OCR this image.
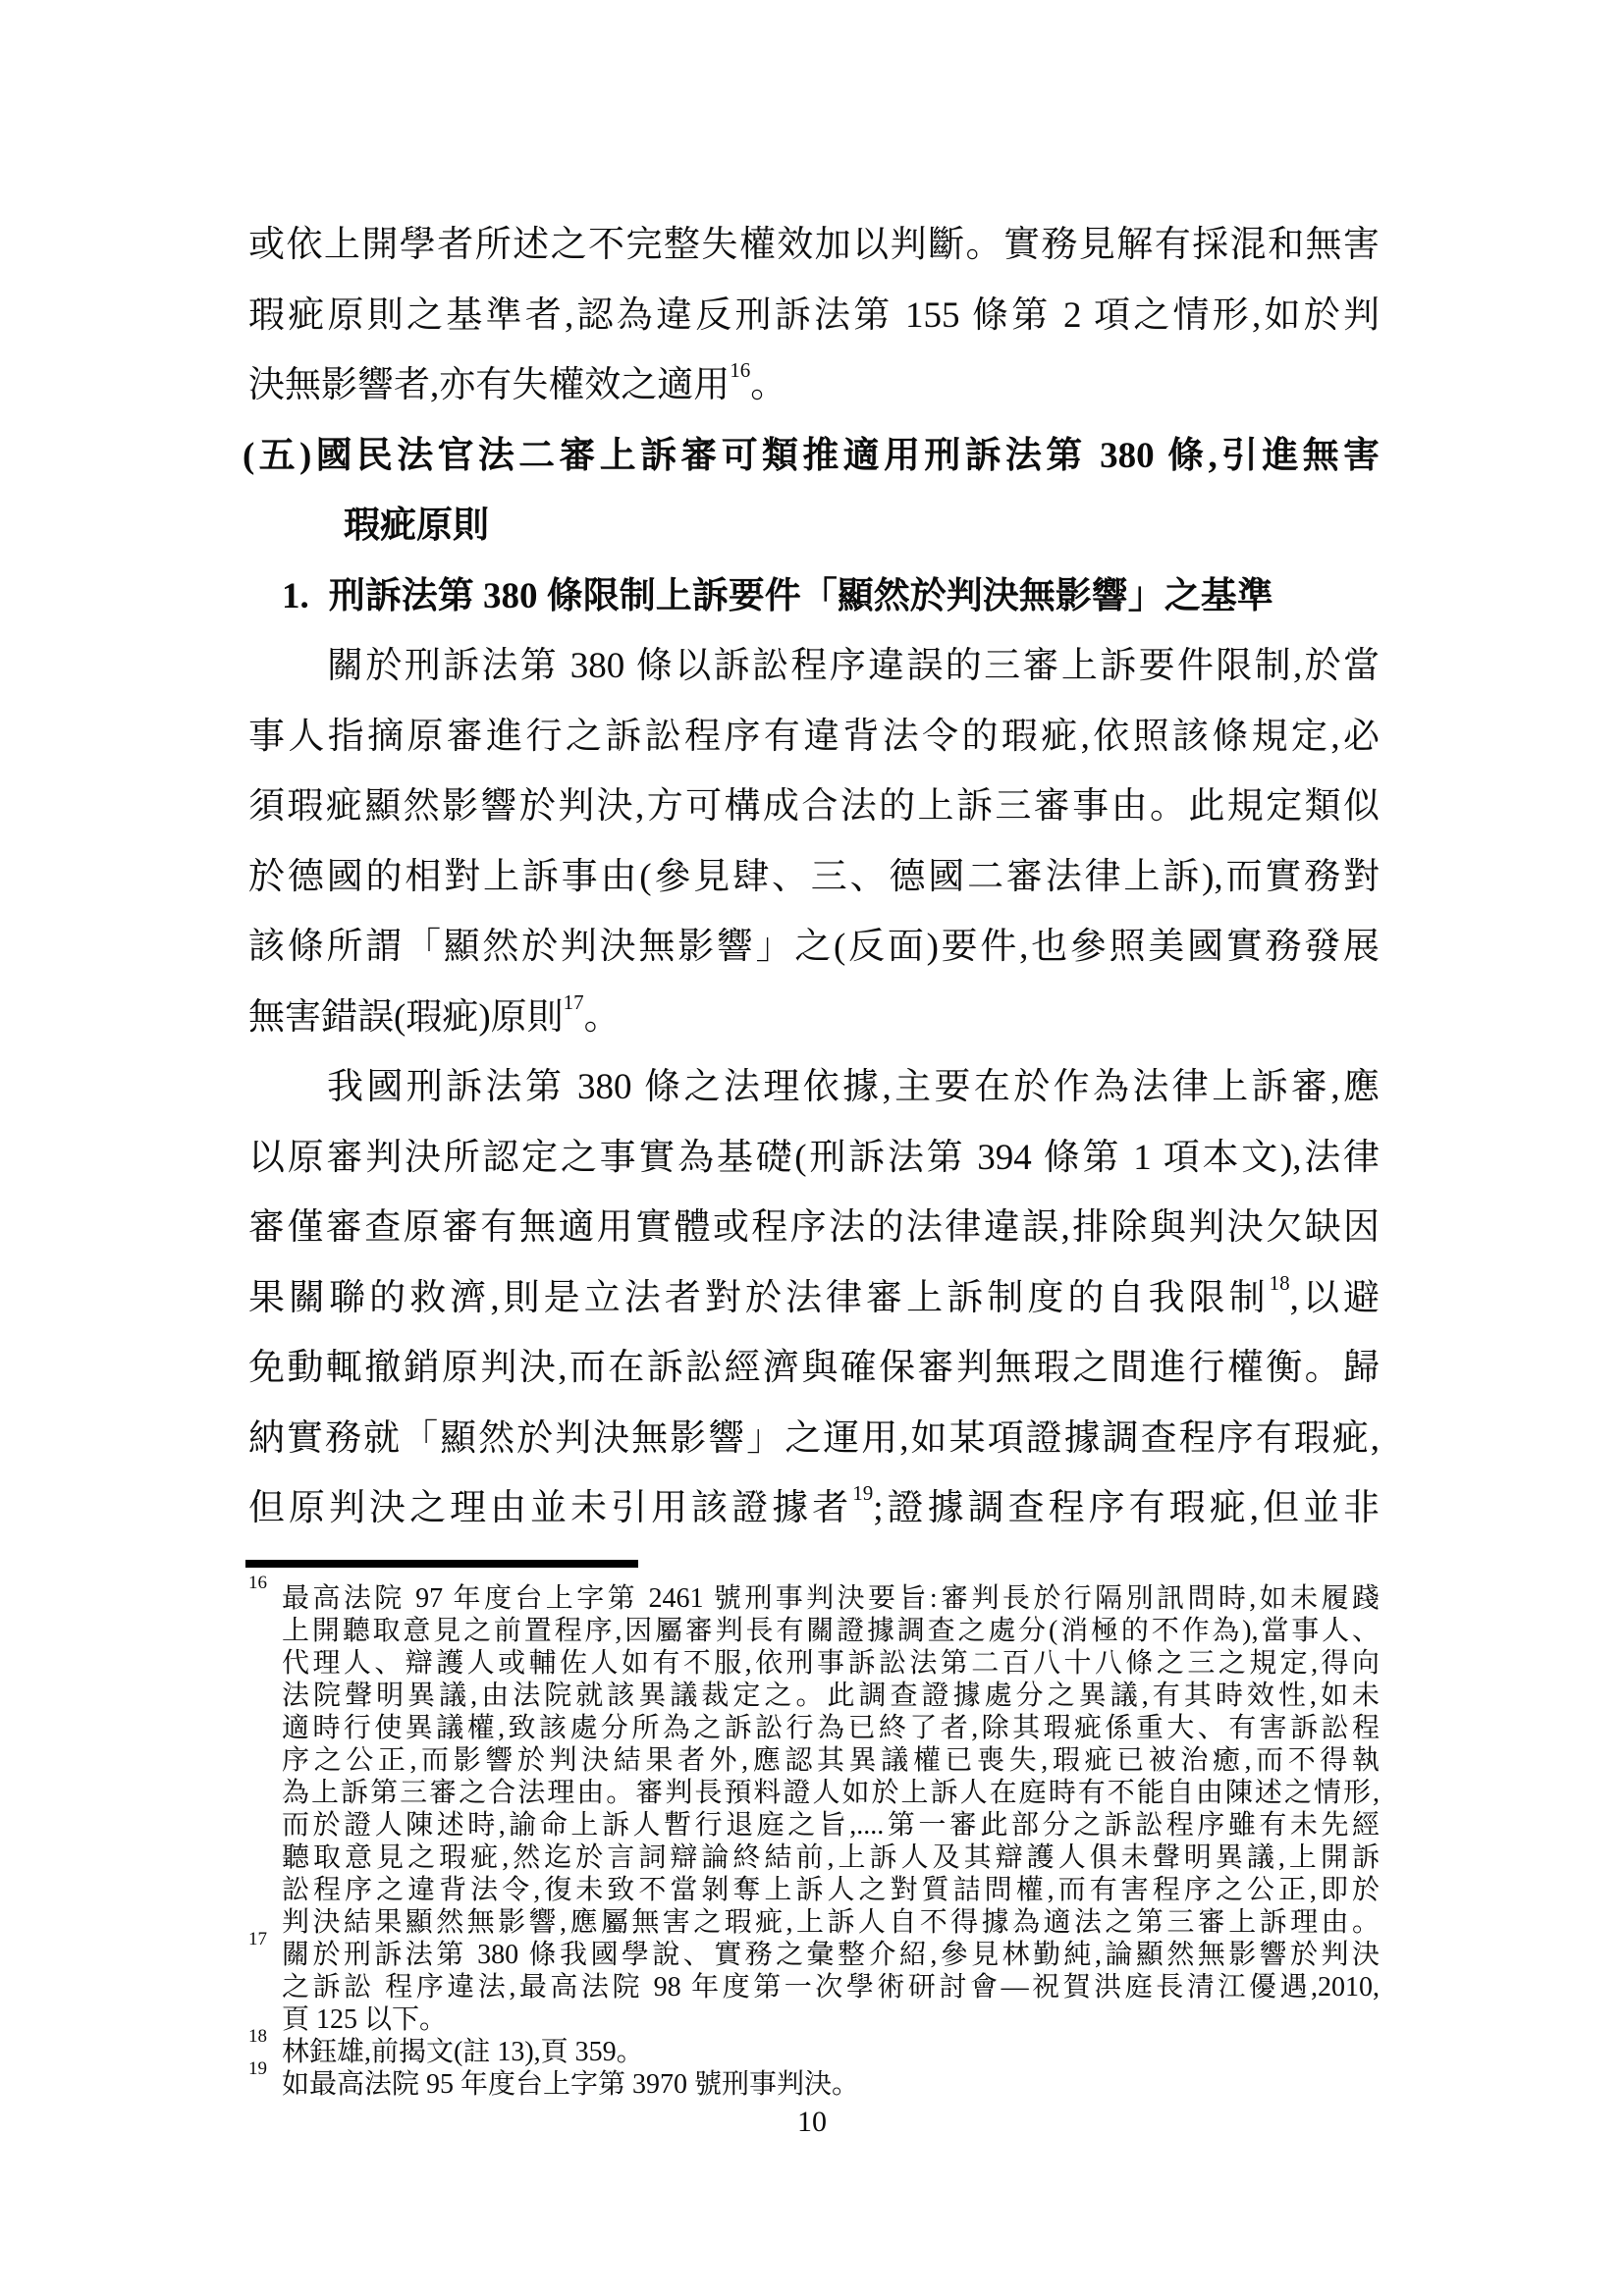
或依上開學者所述之不完整失權效加以判斷。實務見解有採混和無害
瑕疵原則之基準者,認為違反刑訴法第 155 條第 2 項之情形,如於判
決無影響者,亦有失權效之適用$^{16}$。
(五)國民法官法二審上訴審可類推適用刑訴法第 380 條,引進無害
瑕疵原則
1. 刑訴法第 380 條限制上訴要件「顯然於判決無影響」之基準
關於刑訴法第 380 條以訴訟程序違誤的三審上訴要件限制,於當
事人指摘原審進行之訴訟程序有違背法令的瑕疵,依照該條規定,必
須瑕疵顯然影響於判決,方可構成合法的上訴三審事由。此規定類似
於德國的相對上訴事由(參見肆、三、德國二審法律上訴),而實務對
該條所謂「顯然於判決無影響」之(反面)要件,也參照美國實務發展
無害錯誤(瑕疵)原則$^{17}$。
我國刑訴法第 380 條之法理依據,主要在於作為法律上訴審,應
以原審判決所認定之事實為基礎(刑訴法第 394 條第 1 項本文),法律
審僅審查原審有無適用實體或程序法的法律違誤,排除與判決欠缺因
果關聯的救濟,則是立法者對於法律審上訴制度的自我限制$^{18}$,以避
免動輒撤銷原判決,而在訴訟經濟與確保審判無瑕之間進行權衡。歸
納實務就「顯然於判決無影響」之運用,如某項證據調查程序有瑕疵,
但原判決之理由並未引用該證據者$^{19}$;證據調查程序有瑕疵,但並非
16
最高法院 97 年度台上字第 2461 號刑事判決要旨:審判長於行隔別訊問時,如未履踐
上開聽取意見之前置程序,因屬審判長有關證據調查之處分(消極的不作為),當事人、
代理人、辯護人或輔佐人如有不服,依刑事訴訟法第二百八十八條之三之規定,得向
法院聲明異議,由法院就該異議裁定之。此調查證據處分之異議,有其時效性,如未
適時行使異議權,致該處分所為之訴訟行為已終了者,除其瑕疵係重大、有害訴訟程
序之公正,而影響於判決結果者外,應認其異議權已喪失,瑕疵已被治癒,而不得執
為上訴第三審之合法理由。審判長預料證人如於上訴人在庭時有不能自由陳述之情形,
而於證人陳述時,諭命上訴人暫行退庭之旨,....第一審此部分之訴訟程序雖有未先經
聽取意見之瑕疵,然迄於言詞辯論終結前,上訴人及其辯護人俱未聲明異議,上開訴
訟程序之違背法令,復未致不當剝奪上訴人之對質詰問權,而有害程序之公正,即於
判決結果顯然無影響,應屬無害之瑕疵,上訴人自不得據為適法之第三審上訴理由。
17
關於刑訴法第 380 條我國學說、實務之彙整介紹,參見林勤純,論顯然無影響於判決
之訴訟 程序違法,最高法院 98 年度第一次學術研討會—祝賀洪庭長清江優遇,2010,
頁 125 以下。
18
林鈺雄,前揭文(註 13),頁 359。
19
如最高法院 95 年度台上字第 3970 號刑事判決。
10
